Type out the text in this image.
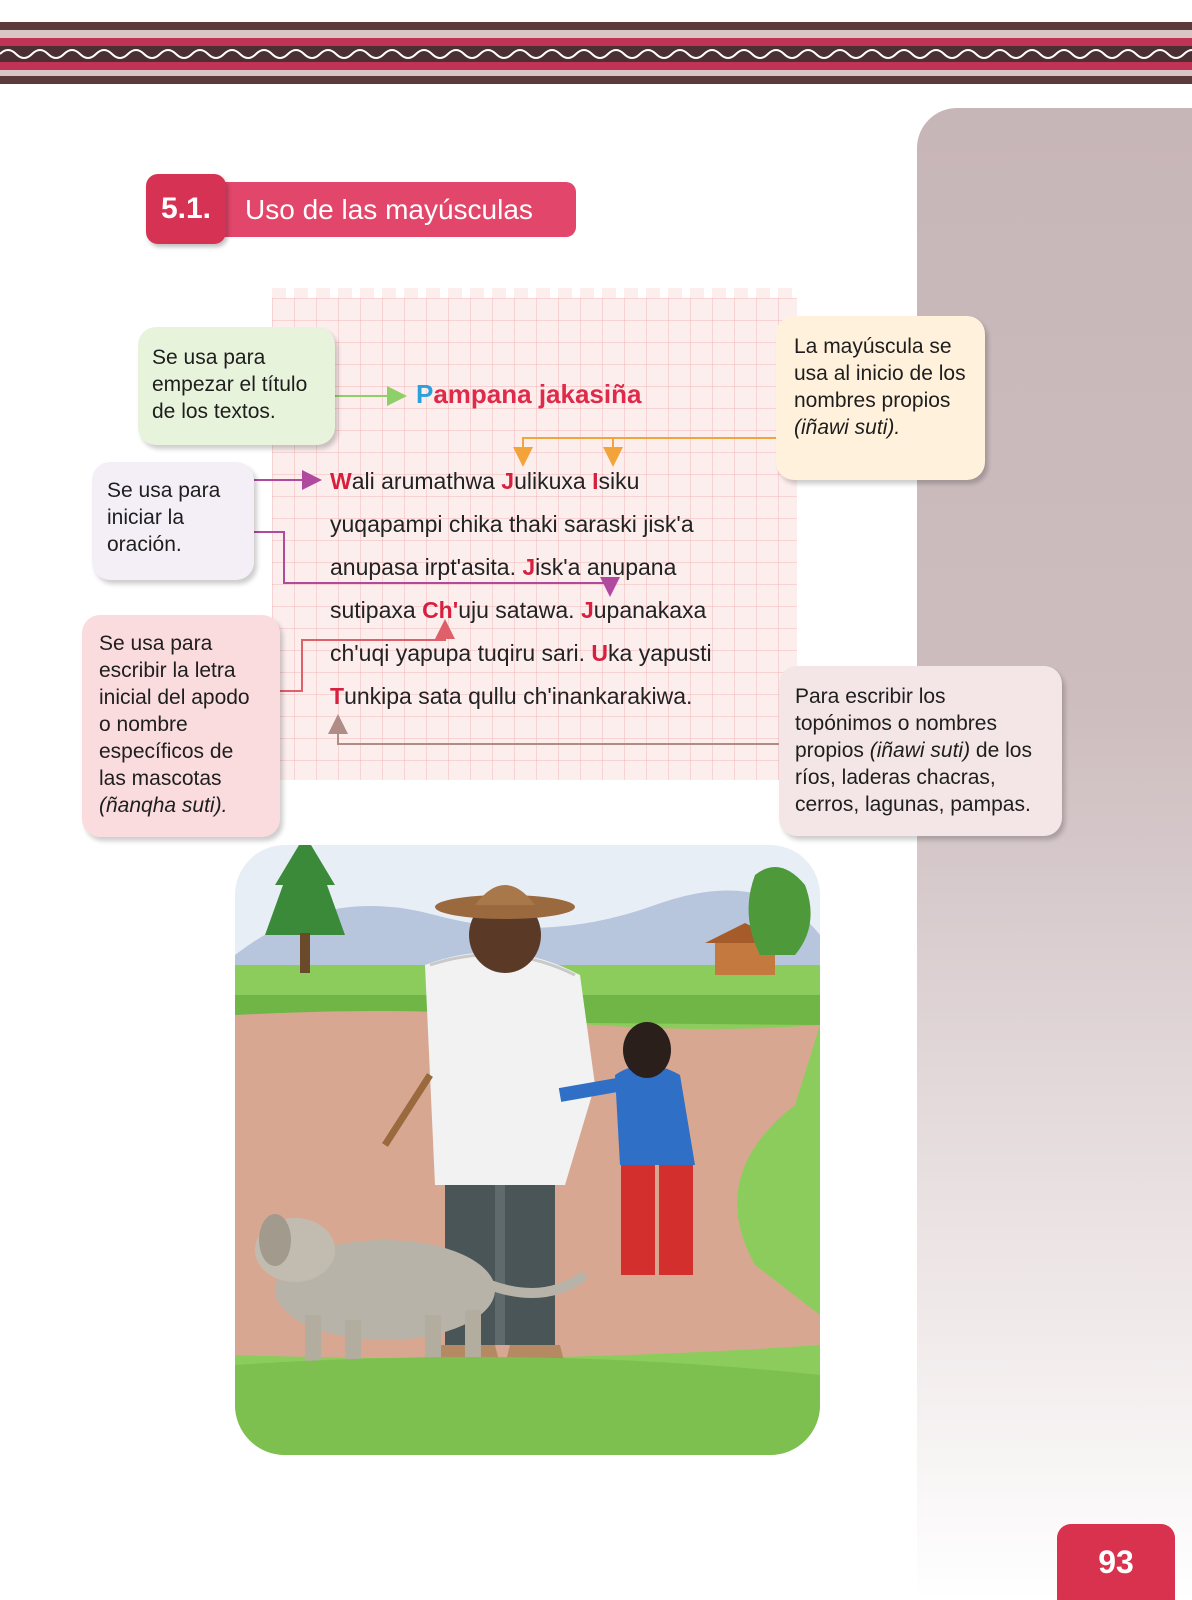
Uso de las mayúsculas
5.1.
Pampana jakasiña
Wali arumathwa Julikuxa Isiku
yuqapampi chika thaki saraski jisk'a
anupasa irpt'asita. Jisk'a anupana
sutipaxa Ch'uju satawa. Jupanakaxa
ch'uqi yapupa tuqiru sari. Uka yapusti
Tunkipa sata qullu ch'inankarakiwa.
Se usa para empezar el título de los textos.
Se usa para iniciar la oración.
Se usa para escribir la letra inicial del apodo o nombre específicos de las mascotas (ñanqha suti).
La mayúscula se usa al inicio de los nombres propios (iñawi suti).
Para escribir los topónimos o nombres propios (iñawi suti) de los ríos, laderas chacras, cerros, lagunas, pampas.
93
